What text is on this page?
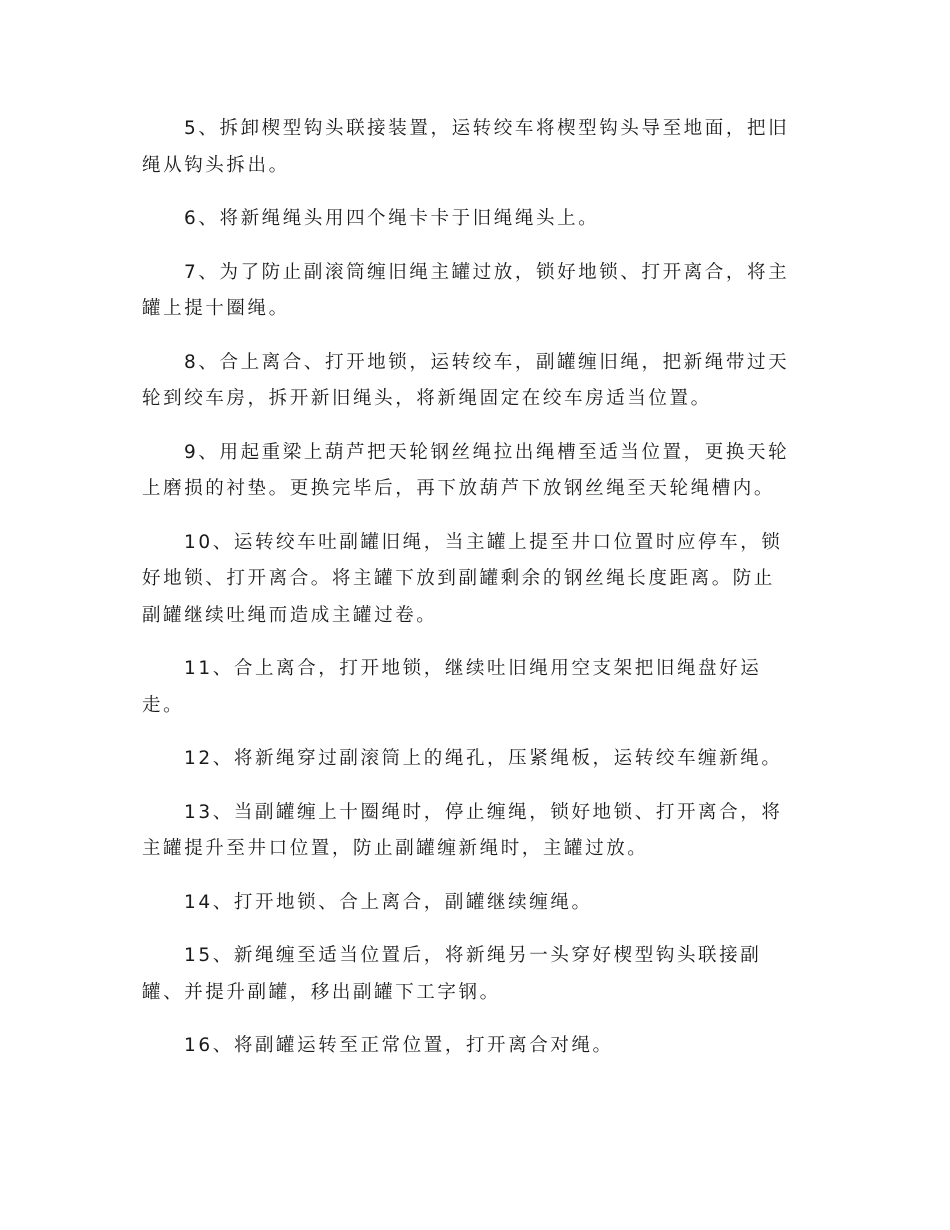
5、拆卸楔型钩头联接装置，运转绞车将楔型钩头导至地面，把旧
绳从钩头拆出。

6、将新绳绳头用四个绳卡卡于旧绳绳头上。

7、为了防止副滚筒缠旧绳主罐过放，锁好地锁、打开离合，将主
罐上提十圈绳。

8、合上离合、打开地锁，运转绞车，副罐缠旧绳，把新绳带过天
轮到绞车房，拆开新旧绳头，将新绳固定在绞车房适当位置。

9、用起重梁上葫芦把天轮钢丝绳拉出绳槽至适当位置，更换天轮
上磨损的衬垫。更换完毕后，再下放葫芦下放钢丝绳至天轮绳槽内。

10、运转绞车吐副罐旧绳，当主罐上提至井口位置时应停车，锁
好地锁、打开离合。将主罐下放到副罐剩余的钢丝绳长度距离。防止
副罐继续吐绳而造成主罐过卷。

11、合上离合，打开地锁，继续吐旧绳用空支架把旧绳盘好运
走。

12、将新绳穿过副滚筒上的绳孔，压紧绳板，运转绞车缠新绳。

13、当副罐缠上十圈绳时，停止缠绳，锁好地锁、打开离合，将
主罐提升至井口位置，防止副罐缠新绳时，主罐过放。

14、打开地锁、合上离合，副罐继续缠绳。

15、新绳缠至适当位置后，将新绳另一头穿好楔型钩头联接副
罐、并提升副罐，移出副罐下工字钢。

16、将副罐运转至正常位置，打开离合对绳。
